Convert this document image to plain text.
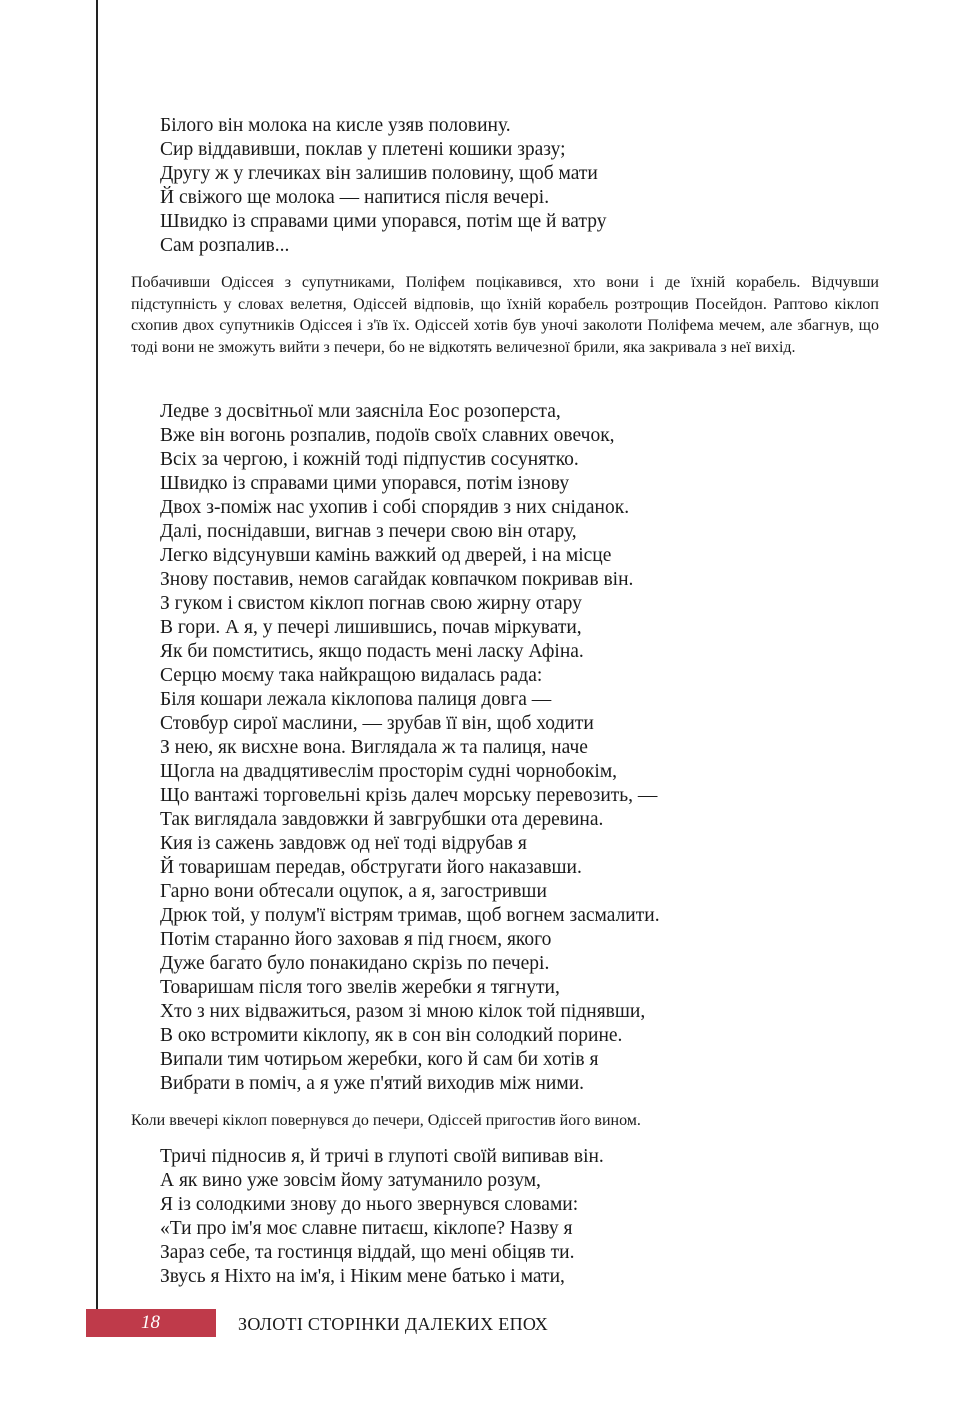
Білого він молока на кисле узяв половину.
Сир віддавивши, поклав у плетені кошики зразу;
Другу ж у глечиках він залишив половину, щоб мати
Й свіжого ще молока — напитися після вечері.
Швидко із справами цими упорався, потім ще й ватру
Сам розпалив...

Побачивши Одіссея з супутниками, Поліфем поцікавився, хто вони і де їхній корабель. Відчувши підступність у словах велетня, Одіссей відповів, що їхній корабель розтрощив Посейдон. Раптово кіклоп схопив двох супутників Одіссея і з'їв їх. Одіссей хотів був уночі заколоти Поліфема мечем, але збагнув, що тоді вони не зможуть вийти з печери, бо не відкотять величезної брили, яка закривала з неї вихід.

Ледве з досвітньої мли заясніла Еос розоперста,
Вже він вогонь розпалив, подоїв своїх славних овечок,
Всіх за чергою, і кожній тоді підпустив сосунятко.
Швидко із справами цими упорався, потім ізнову
Двох з-поміж нас ухопив і собі спорядив з них сніданок.
Далі, поснідавши, вигнав з печери свою він отару,
Легко відсунувши камінь важкий од дверей, і на місце
Знову поставив, немов сагайдак ковпачком покривав він.
З гуком і свистом кіклоп погнав свою жирну отару
В гори. А я, у печері лишившись, почав міркувати,
Як би помститись, якщо подасть мені ласку Афіна.
Серцю моєму така найкращою видалась рада:
Біля кошари лежала кіклопова палиця довга —
Стовбур сирої маслини, — зрубав її він, щоб ходити
З нею, як висхне вона. Виглядала ж та палиця, наче
Щогла на двадцятивеслім просторім судні чорнобокім,
Що вантажі торговельні крізь далеч морську перевозить, —
Так виглядала завдовжки й завгрубшки ота деревина.
Кия із сажень завдовж од неї тоді відрубав я
Й товаришам передав, обстругати його наказавши.
Гарно вони обтесали оцупок, а я, загостривши
Дрюк той, у полум'ї вістрям тримав, щоб вогнем засмалити.
Потім старанно його заховав я під гноєм, якого
Дуже багато було понакидано скрізь по печері.
Товаришам після того звелів жеребки я тягнути,
Хто з них відважиться, разом зі мною кілок той піднявши,
В око встромити кіклопу, як в сон він солодкий порине.
Випали тим чотирьом жеребки, кого й сам би хотів я
Вибрати в поміч, а я уже п'ятий виходив між ними.

Коли ввечері кіклоп повернувся до печери, Одіссей пригостив його вином.

Тричі підносив я, й тричі в глупоті своїй випивав він.
А як вино уже зовсім йому затуманило розум,
Я із солодкими знову до нього звернувся словами:
«Ти про ім'я моє славне питаєш, кіклопе? Назву я
Зараз себе, та гостинця віддай, що мені обіцяв ти.
Звусь я Ніхто на ім'я, і Ніким мене батько і мати,
18	ЗОЛОТІ СТОРІНКИ ДАЛЕКИХ ЕПОХ
